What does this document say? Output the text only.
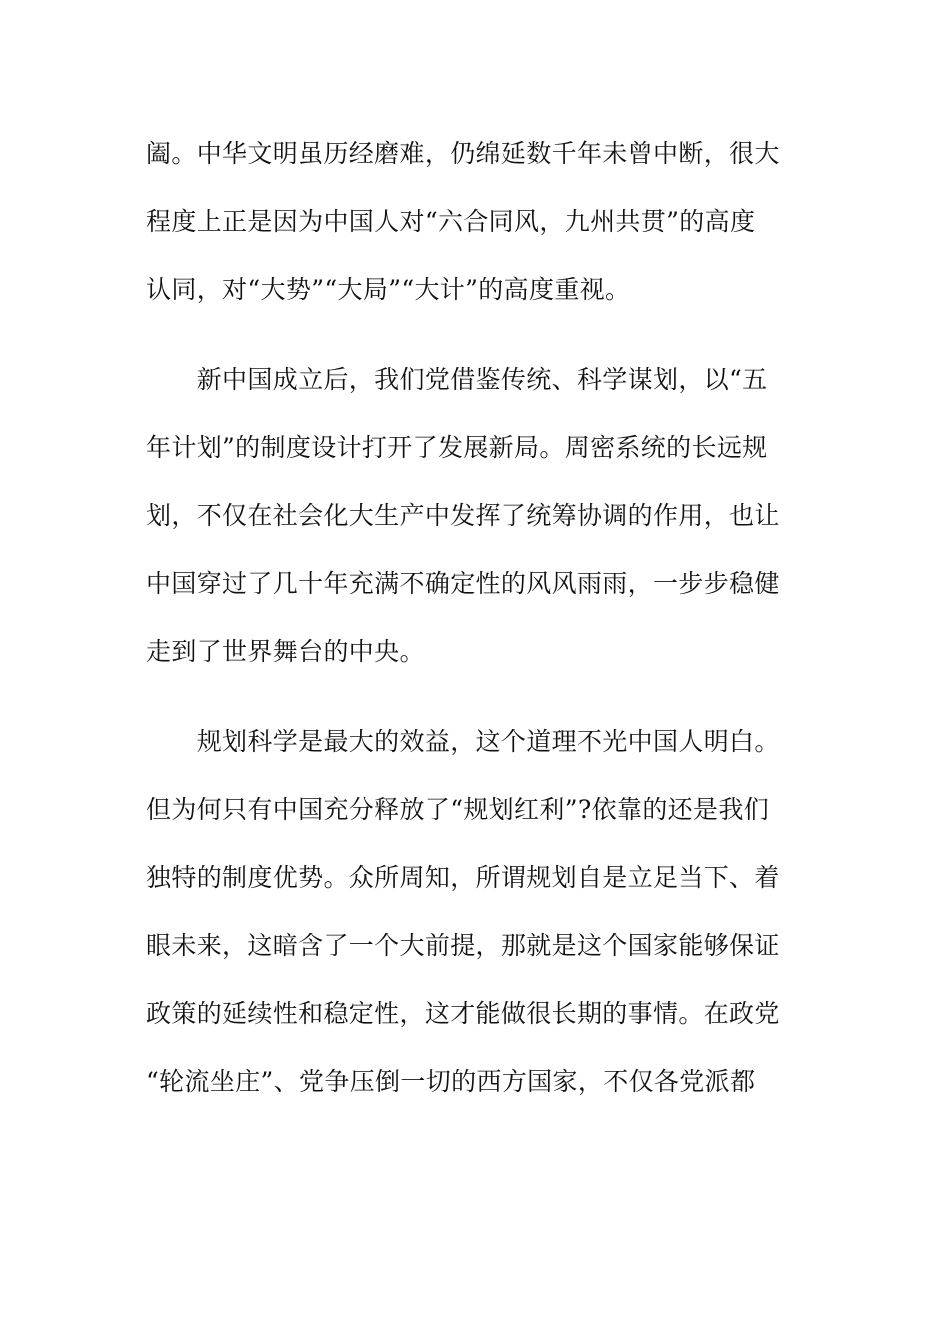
阖。中华文明虽历经磨难，仍绵延数千年未曾中断，很大
程度上正是因为中国人对“六合同风，九州共贯”的高度
认同，对“大势”“大局”“大计”的高度重视。
　　新中国成立后，我们党借鉴传统、科学谋划，以“五
年计划”的制度设计打开了发展新局。周密系统的长远规
划，不仅在社会化大生产中发挥了统筹协调的作用，也让
中国穿过了几十年充满不确定性的风风雨雨，一步步稳健
走到了世界舞台的中央。
　　规划科学是最大的效益，这个道理不光中国人明白。
但为何只有中国充分释放了“规划红利”?依靠的还是我们
独特的制度优势。众所周知，所谓规划自是立足当下、着
眼未来，这暗含了一个大前提，那就是这个国家能够保证
政策的延续性和稳定性，这才能做很长期的事情。在政党
“轮流坐庄”、党争压倒一切的西方国家，不仅各党派都
